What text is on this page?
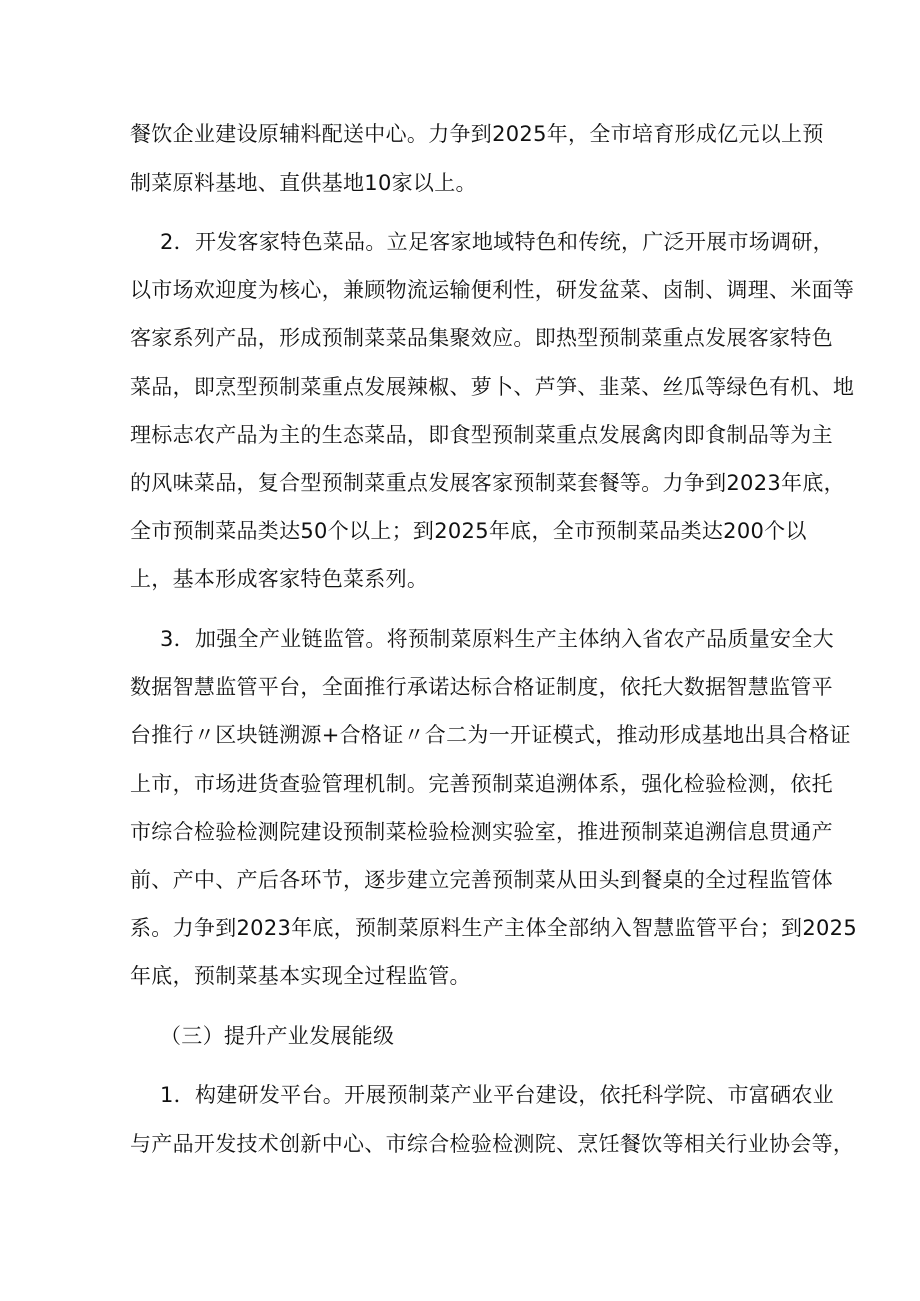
餐饮企业建设原辅料配送中心。力争到2025年，全市培育形成亿元以上预
制菜原料基地、直供基地10家以上。
2．开发客家特色菜品。立足客家地域特色和传统，广泛开展市场调研，
以市场欢迎度为核心，兼顾物流运输便利性，研发盆菜、卤制、调理、米面等
客家系列产品，形成预制菜菜品集聚效应。即热型预制菜重点发展客家特色
菜品，即烹型预制菜重点发展辣椒、萝卜、芦笋、韭菜、丝瓜等绿色有机、地
理标志农产品为主的生态菜品，即食型预制菜重点发展禽肉即食制品等为主
的风味菜品，复合型预制菜重点发展客家预制菜套餐等。力争到2023年底，
全市预制菜品类达50个以上；到2025年底，全市预制菜品类达200个以
上，基本形成客家特色菜系列。
3．加强全产业链监管。将预制菜原料生产主体纳入省农产品质量安全大
数据智慧监管平台，全面推行承诺达标合格证制度，依托大数据智慧监管平
台推行〃区块链溯源+合格证〃合二为一开证模式，推动形成基地出具合格证
上市，市场进货查验管理机制。完善预制菜追溯体系，强化检验检测，依托
市综合检验检测院建设预制菜检验检测实验室，推进预制菜追溯信息贯通产
前、产中、产后各环节，逐步建立完善预制菜从田头到餐桌的全过程监管体
系。力争到2023年底，预制菜原料生产主体全部纳入智慧监管平台；到2025
年底，预制菜基本实现全过程监管。
（三）提升产业发展能级
1．构建研发平台。开展预制菜产业平台建设，依托科学院、市富硒农业
与产品开发技术创新中心、市综合检验检测院、烹饪餐饮等相关行业协会等，
